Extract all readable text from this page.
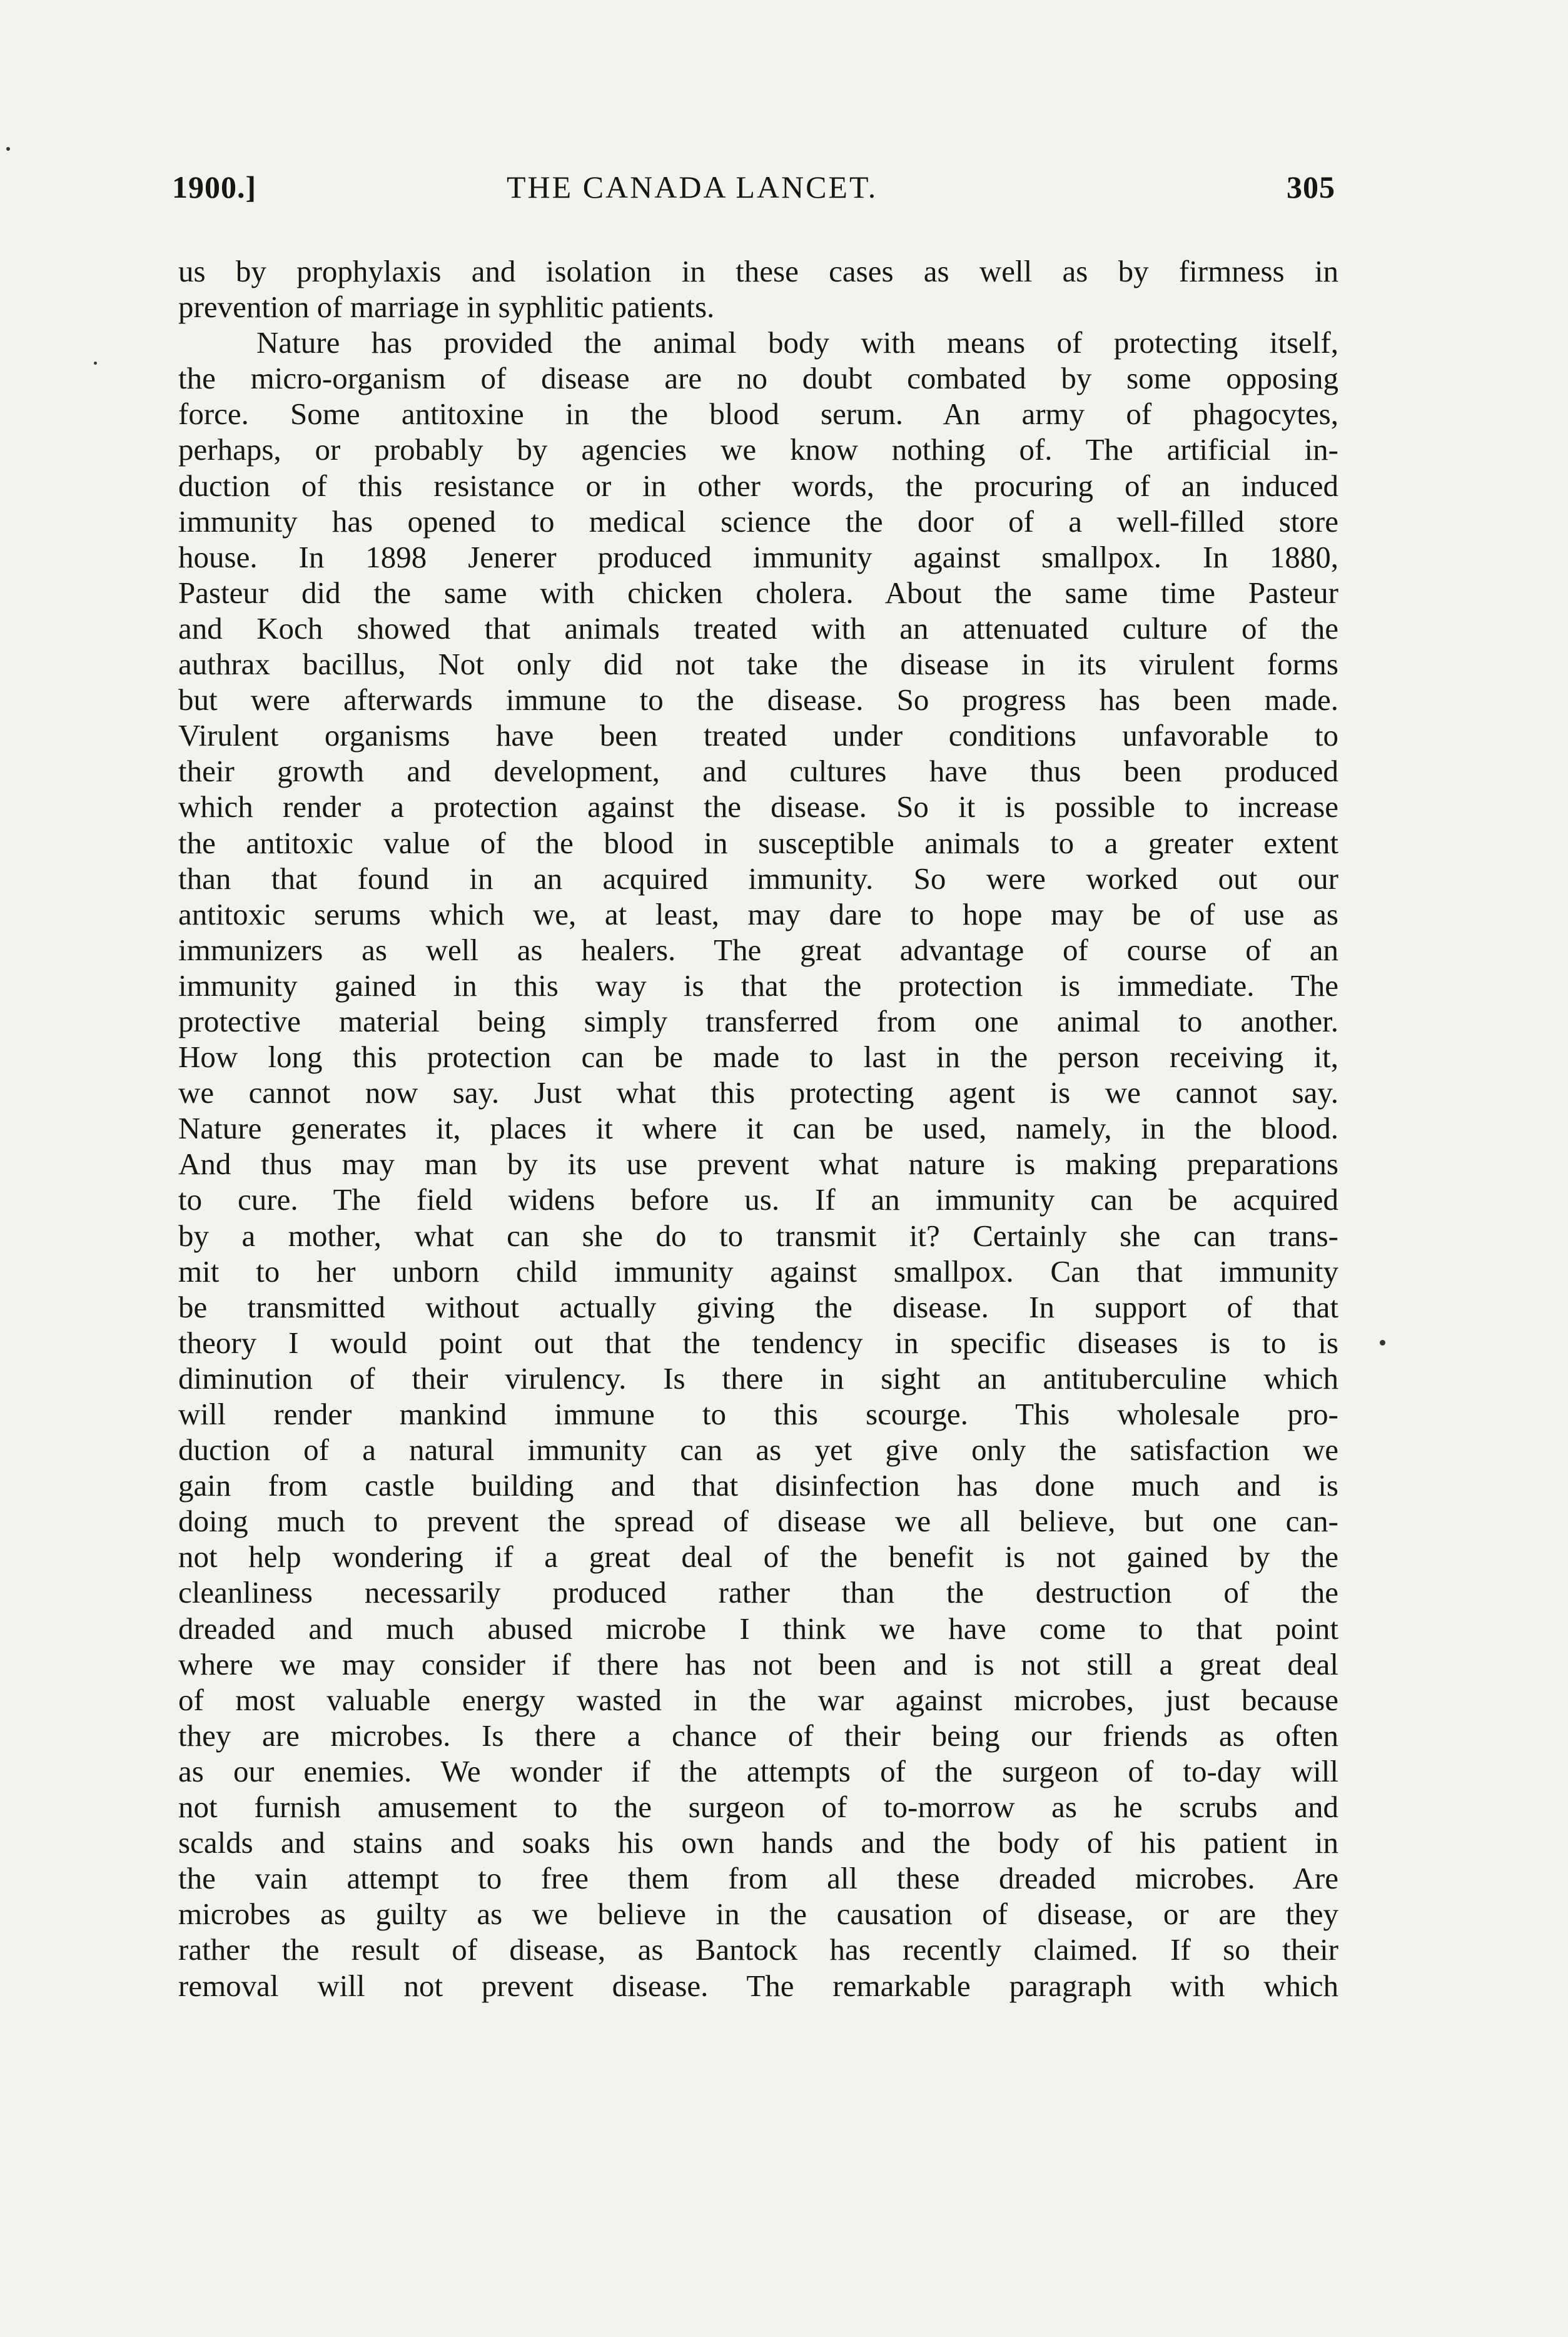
1900.]	THE CANADA LANCET.	305
us by prophylaxis and isolation in these cases as well as by firmness in
prevention of marriage in syphlitic patients.
Nature has provided the animal body with means of protecting itself,
the micro-organism of disease are no doubt combated by some opposing
force. Some antitoxine in the blood serum. An army of phagocytes,
perhaps, or probably by agencies we know nothing of. The artificial in-
duction of this resistance or in other words, the procuring of an induced
immunity has opened to medical science the door of a well-filled store
house. In 1898 Jenerer produced immunity against smallpox. In 1880,
Pasteur did the same with chicken cholera. About the same time Pasteur
and Koch showed that animals treated with an attenuated culture of the
authrax bacillus, Not only did not take the disease in its virulent forms
but were afterwards immune to the disease. So progress has been made.
Virulent organisms have been treated under conditions unfavorable to
their growth and development, and cultures have thus been produced
which render a protection against the disease. So it is possible to increase
the antitoxic value of the blood in susceptible animals to a greater extent
than that found in an acquired immunity. So were worked out our
antitoxic serums which we, at least, may dare to hope may be of use as
immunizers as well as healers. The great advantage of course of an
immunity gained in this way is that the protection is immediate. The
protective material being simply transferred from one animal to another.
How long this protection can be made to last in the person receiving it,
we cannot now say. Just what this protecting agent is we cannot say.
Nature generates it, places it where it can be used, namely, in the blood.
And thus may man by its use prevent what nature is making preparations
to cure. The field widens before us. If an immunity can be acquired
by a mother, what can she do to transmit it? Certainly she can trans-
mit to her unborn child immunity against smallpox. Can that immunity
be transmitted without actually giving the disease. In support of that
theory I would point out that the tendency in specific diseases is to is
diminution of their virulency. Is there in sight an antituberculine which
will render mankind immune to this scourge. This wholesale pro-
duction of a natural immunity can as yet give only the satisfaction we
gain from castle building and that disinfection has done much and is
doing much to prevent the spread of disease we all believe, but one can-
not help wondering if a great deal of the benefit is not gained by the
cleanliness necessarily produced rather than the destruction of the
dreaded and much abused microbe I think we have come to that point
where we may consider if there has not been and is not still a great deal
of most valuable energy wasted in the war against microbes, just because
they are microbes. Is there a chance of their being our friends as often
as our enemies. We wonder if the attempts of the surgeon of to-day will
not furnish amusement to the surgeon of to-morrow as he scrubs and
scalds and stains and soaks his own hands and the body of his patient in
the vain attempt to free them from all these dreaded microbes. Are
microbes as guilty as we believe in the causation of disease, or are they
rather the result of disease, as Bantock has recently claimed. If so their
removal will not prevent disease. The remarkable paragraph with which
